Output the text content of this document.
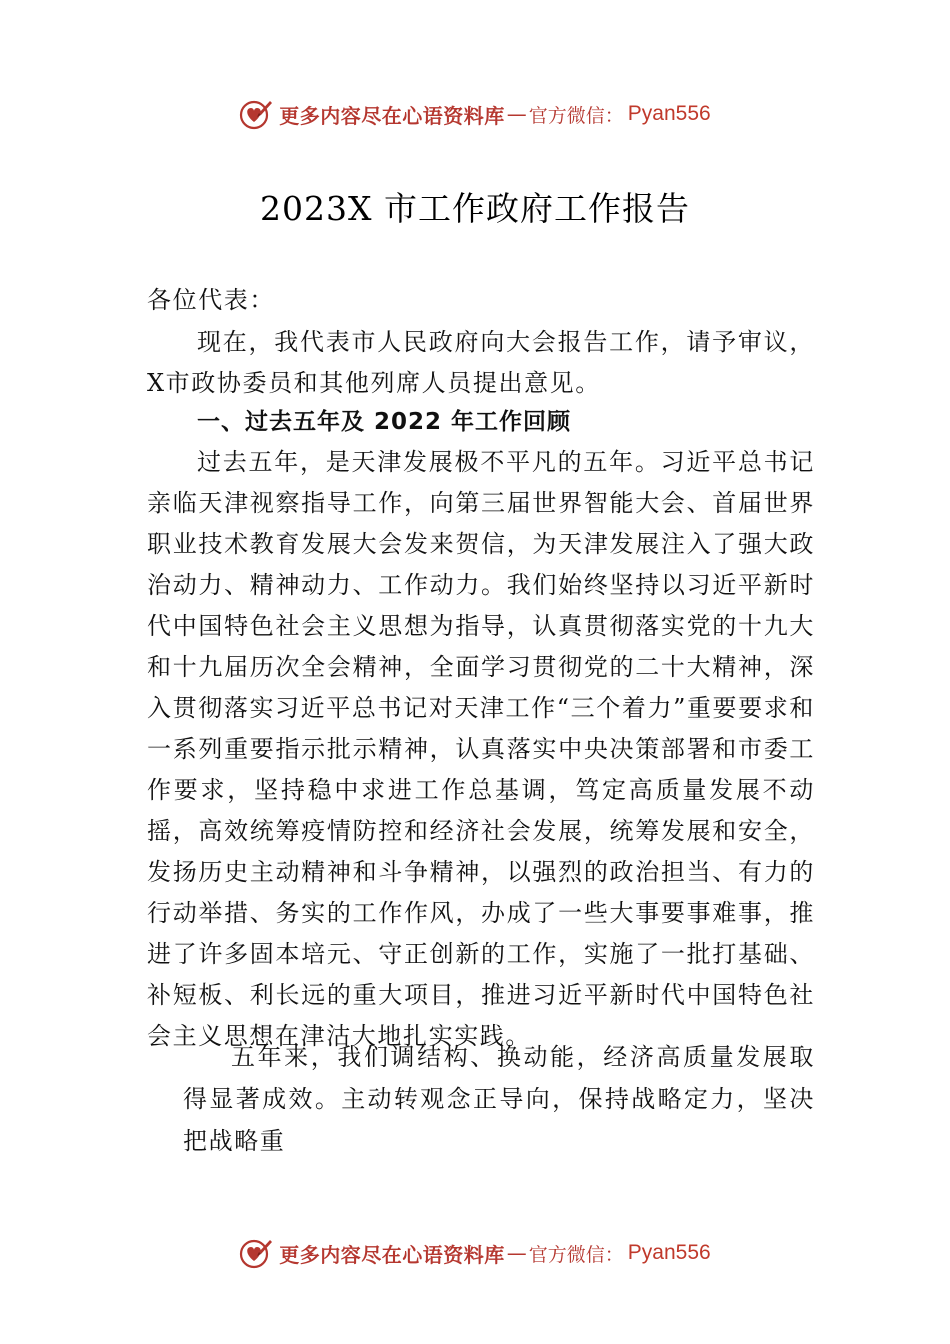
更多内容尽在心语资料库 — 官方微信： Pyan556
2023X 市工作政府工作报告
各位代表：
现在，我代表市人民政府向大会报告工作，请予审议，X市政协委员和其他列席人员提出意见。
一、过去五年及 2022 年工作回顾
过去五年，是天津发展极不平凡的五年。习近平总书记亲临天津视察指导工作，向第三届世界智能大会、首届世界职业技术教育发展大会发来贺信，为天津发展注入了强大政治动力、精神动力、工作动力。我们始终坚持以习近平新时代中国特色社会主义思想为指导，认真贯彻落实党的十九大和十九届历次全会精神，全面学习贯彻党的二十大精神，深入贯彻落实习近平总书记对天津工作“三个着力”重要要求和一系列重要指示批示精神，认真落实中央决策部署和市委工作要求，坚持稳中求进工作总基调，笃定高质量发展不动摇，高效统筹疫情防控和经济社会发展，统筹发展和安全， 发扬历史主动精神和斗争精神，以强烈的政治担当、有力的行动举措、务实的工作作风，办成了一些大事要事难事，推进了许多固本培元、守正创新的工作，实施了一批打基础、 补短板、利长远的重大项目，推进习近平新时代中国特色社会主义思想在津沽大地扎实实践。
五年来，我们调结构、换动能，经济高质量发展取得显著成效。主动转观念正导向，保持战略定力，坚决把战略重
更多内容尽在心语资料库 — 官方微信： Pyan556
